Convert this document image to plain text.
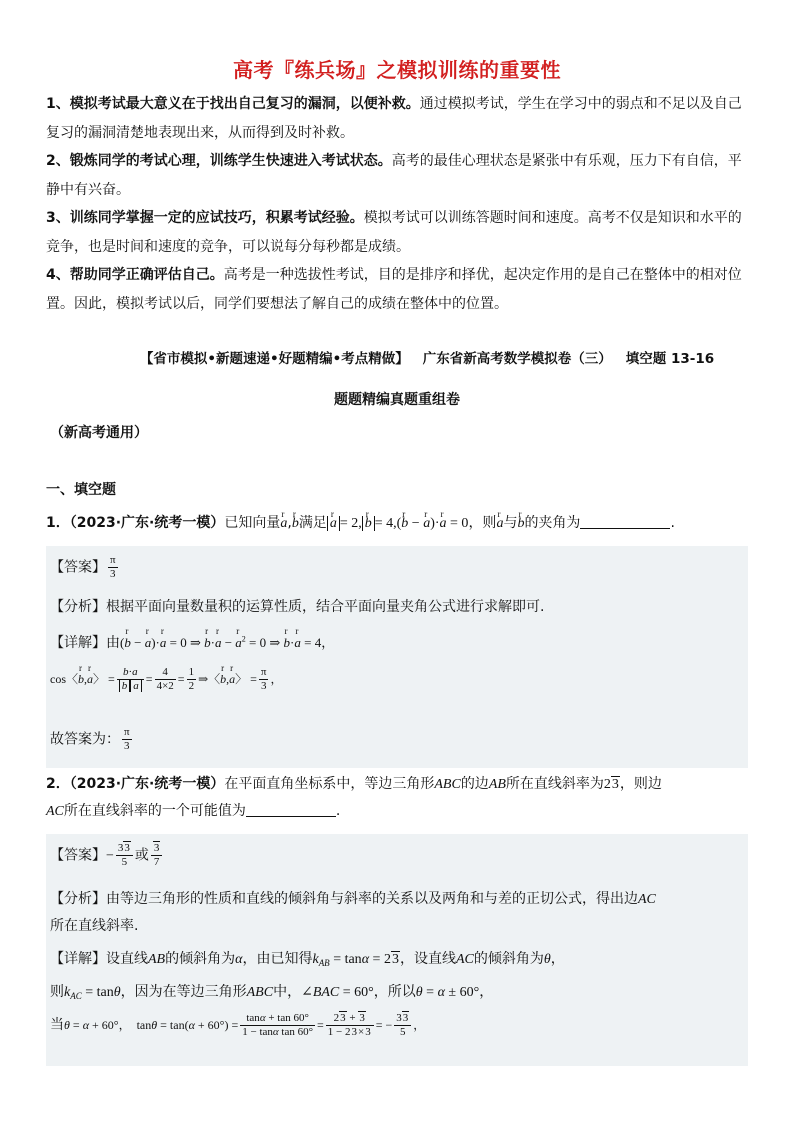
高考『练兵场』之模拟训练的重要性

1、模拟考试最大意义在于找出自己复习的漏洞，以便补救。通过模拟考试，学生在学习中的弱点和不足以及自己复习的漏洞清楚地表现出来，从而得到及时补救。

2、锻炼同学的考试心理，训练学生快速进入考试状态。高考的最佳心理状态是紧张中有乐观，压力下有自信，平静中有兴奋。

3、训练同学掌握一定的应试技巧，积累考试经验。模拟考试可以训练答题时间和速度。高考不仅是知识和水平的竞争，也是时间和速度的竞争，可以说每分每秒都是成绩。

4、帮助同学正确评估自己。高考是一种选拔性考试，目的是排序和择优，起决定作用的是自己在整体中的相对位置。因此，模拟考试以后，同学们要想法了解自己的成绩在整体中的位置。

【省市模拟•新题速递•好题精编•考点精做】 广东省新高考数学模拟卷（三） 填空题 13-16
题题精编真题重组卷
（新高考通用）
一、填空题
1．（2023·广东·统考一模）已知向量r a,r b满足 r a = 2, r b = 4,(r b − r a)·r a = 0，则r a与r b的夹角为	.
【答案】 $\frac{\pi}{3}$
【分析】根据平面向量数量积的运算性质，结合平面向量夹角公式进行求解即可.
【详解】由(r b − r a)·r a = 0 ⇒ r b·r a − r $a^2 = 0$ ⇒ r b·r a = 4，
cos〈r b,r a〉 = $\frac{b\cdot a}{\text{b a}} = \frac{4}{4\times 2} = \frac{1}{2}$ ⇒〈r b,r a〉 = $\frac{\pi}{3}$ ，
故答案为： $\frac{\pi}{3}$
2．（2023·广东·统考一模）在平面直角坐标系中，等边三角形ABC的边AB所在直线斜率为23，则边
AC所在直线斜率的一个可能值为	.
【答案】− $\frac{33}{5}$ 或 $\frac{3}{7}$
【分析】由等边三角形的性质和直线的倾斜角与斜率的关系以及两角和与差的正切公式，得出边AC
所在直线斜率.
【详解】设直线AB的倾斜角为α，由已知得$k_{AB} = \tan\alpha = 23$，设直线AC的倾斜角为θ，
则$k_{AC} = \tan\theta$，因为在等边三角形ABC中，∠BAC = 60°，所以θ = α ± 60°，
当θ = α + 60°，  $\tan\theta = \tan(\alpha + 60^\circ) = \frac{\tan\alpha + \tan 60^\circ}{\text{1 − tanα tan 60°}} = \frac{23 + 3}{1 - 23\times 3}$ = − $\frac{33}{5}$ ，
